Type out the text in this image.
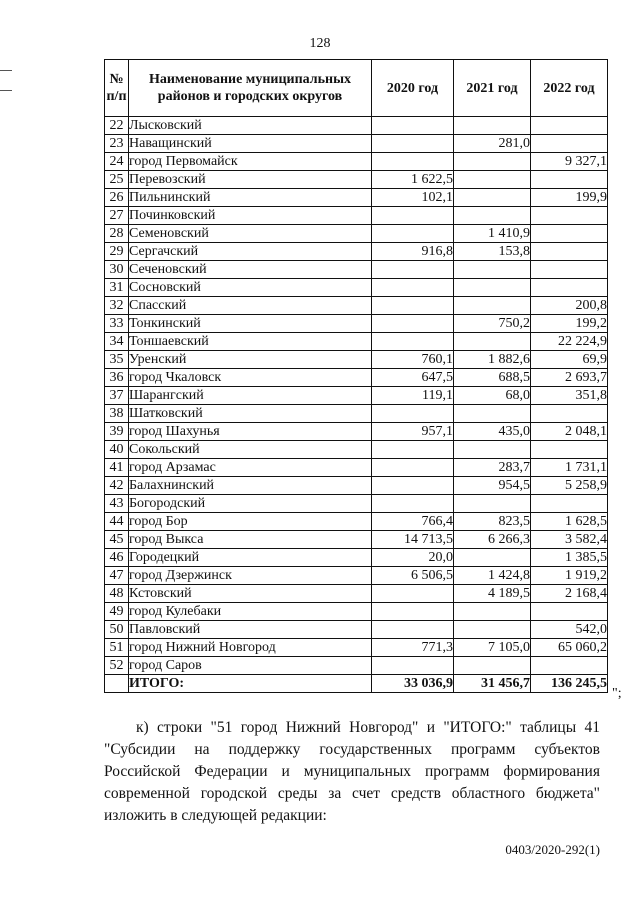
128
№ п/п	Наименование муниципальных районов и городских округов	2020 год	2021 год	2022 год
22	Лысковский			
23	Наващинский		281,0	
24	город Первомайск			9 327,1
25	Перевозский	1 622,5		
26	Пильнинский	102,1		199,9
27	Починковский			
28	Семеновский		1 410,9	
29	Сергачский	916,8	153,8	
30	Сеченовский			
31	Сосновский			
32	Спасский			200,8
33	Тонкинский		750,2	199,2
34	Тоншаевский			22 224,9
35	Уренский	760,1	1 882,6	69,9
36	город Чкаловск	647,5	688,5	2 693,7
37	Шарангский	119,1	68,0	351,8
38	Шатковский			
39	город Шахунья	957,1	435,0	2 048,1
40	Сокольский			
41	город Арзамас		283,7	1 731,1
42	Балахнинский		954,5	5 258,9
43	Богородский			
44	город Бор	766,4	823,5	1 628,5
45	город Выкса	14 713,5	6 266,3	3 582,4
46	Городецкий	20,0		1 385,5
47	город Дзержинск	6 506,5	1 424,8	1 919,2
48	Кстовский		4 189,5	2 168,4
49	город Кулебаки			
50	Павловский			542,0
51	город Нижний Новгород	771,3	7 105,0	65 060,2
52	город Саров			
	ИТОГО:	33 036,9	31 456,7	136 245,5
";

к) строки "51 город Нижний Новгород" и "ИТОГО:" таблицы 41 "Субсидии на поддержку государственных программ субъектов Российской Федерации и муниципальных программ формирования современной городской среды за счет средств областного бюджета" изложить в следующей редакции:

0403/2020-292(1)
